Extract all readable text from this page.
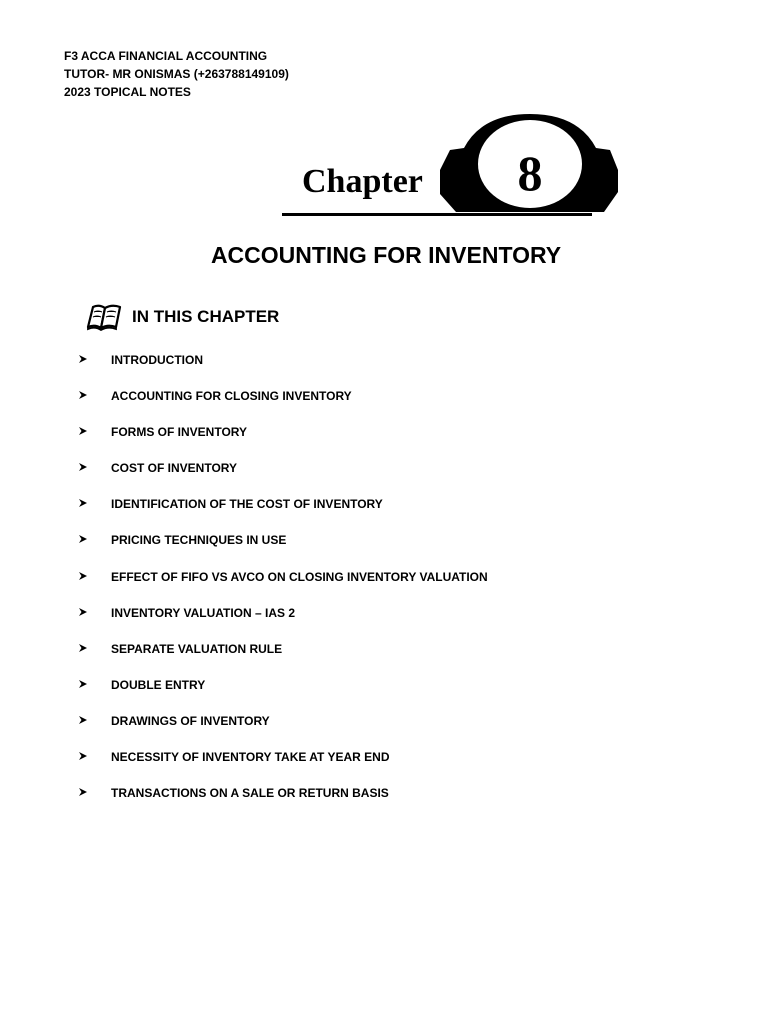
F3 ACCA FINANCIAL ACCOUNTING
TUTOR- MR ONISMAS (+263788149109)
2023 TOPICAL NOTES
Chapter	8
ACCOUNTING FOR INVENTORY
IN THIS CHAPTER
INTRODUCTION
ACCOUNTING FOR CLOSING INVENTORY
FORMS OF INVENTORY
COST OF INVENTORY
IDENTIFICATION OF THE COST OF INVENTORY
PRICING TECHNIQUES IN USE
EFFECT OF FIFO VS AVCO ON CLOSING INVENTORY VALUATION
INVENTORY VALUATION – IAS 2
SEPARATE VALUATION RULE
DOUBLE ENTRY
DRAWINGS OF INVENTORY
NECESSITY OF INVENTORY TAKE AT YEAR END
TRANSACTIONS ON A SALE OR RETURN BASIS
